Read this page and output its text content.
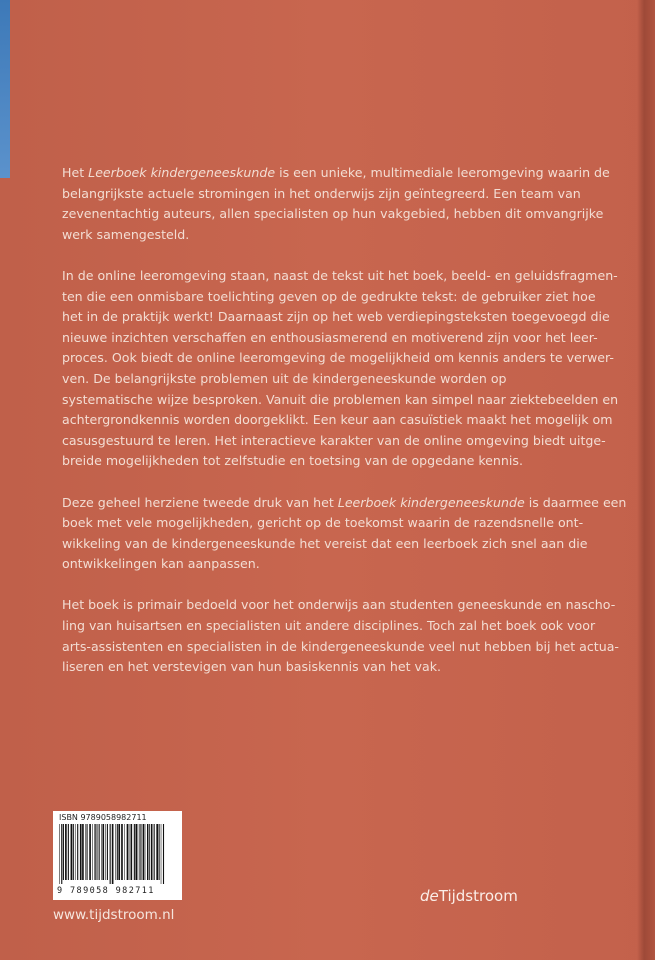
Het Leerboek kindergeneeskunde is een unieke, multimediale leeromgeving waarin de
belangrijkste actuele stromingen in het onderwijs zijn geïntegreerd. Een team van
zevenentachtig auteurs, allen specialisten op hun vakgebied, hebben dit omvangrijke
werk samengesteld.

In de online leeromgeving staan, naast de tekst uit het boek, beeld- en geluidsfragmen-
ten die een onmisbare toelichting geven op de gedrukte tekst: de gebruiker ziet hoe
het in de praktijk werkt! Daarnaast zijn op het web verdiepingsteksten toegevoegd die
nieuwe inzichten verschaffen en enthousiasmerend en motiverend zijn voor het leer-
proces. Ook biedt de online leeromgeving de mogelijkheid om kennis anders te verwer-
ven. De belangrijkste problemen uit de kindergeneeskunde worden op
systematische wijze besproken. Vanuit die problemen kan simpel naar ziektebeelden en
achtergrondkennis worden doorgeklikt. Een keur aan casuïstiek maakt het mogelijk om
casusgestuurd te leren. Het interactieve karakter van de online omgeving biedt uitge-
breide mogelijkheden tot zelfstudie en toetsing van de opgedane kennis.

Deze geheel herziene tweede druk van het Leerboek kindergeneeskunde is daarmee een
boek met vele mogelijkheden, gericht op de toekomst waarin de razendsnelle ont-
wikkeling van de kindergeneeskunde het vereist dat een leerboek zich snel aan die
ontwikkelingen kan aanpassen.

Het boek is primair bedoeld voor het onderwijs aan studenten geneeskunde en nascho-
ling van huisartsen en specialisten uit andere disciplines. Toch zal het boek ook voor
arts-assistenten en specialisten in de kindergeneeskunde veel nut hebben bij het actua-
liseren en het verstevigen van hun basiskennis van het vak.

ISBN 9789058982711
9 789058 982711
www.tijdstroom.nl
deTijdstroom
